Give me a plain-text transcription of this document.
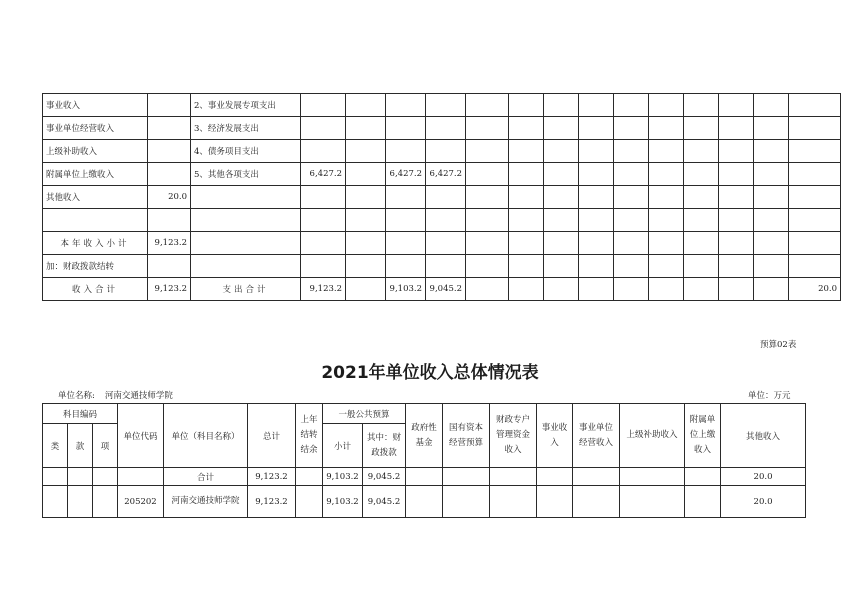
事业收入		2、事业发展专项支出														
事业单位经营收入		3、经济发展支出														
上级补助收入		4、债务项目支出														
附属单位上缴收入		5、其他各项支出	6,427.2		6,427.2	6,427.2										
其他收入	20.0															

本年收入小计	9,123.2															
加：财政拨款结转																
收入合计	9,123.2	支出合计	9,123.2		9,103.2	9,045.2										20.0
预算02表
2021年单位收入总体情况表
单位名称: 河南交通技师学院	单位：万元
科目编码			单位代码	单位（科目名称）	总计	上年结转结余	一般公共预算		政府性基金	国有资本经营预算	财政专户管理资金收入	事业收入	事业单位经营收入	上级补助收入	附属单位上缴收入	其他收入
类	款	项					小计	其中：财政拨款								

				合计	9,123.2		9,103.2	9,045.2								20.0
			205202	河南交通技师学院	9,123.2		9,103.2	9,045.2								20.0
